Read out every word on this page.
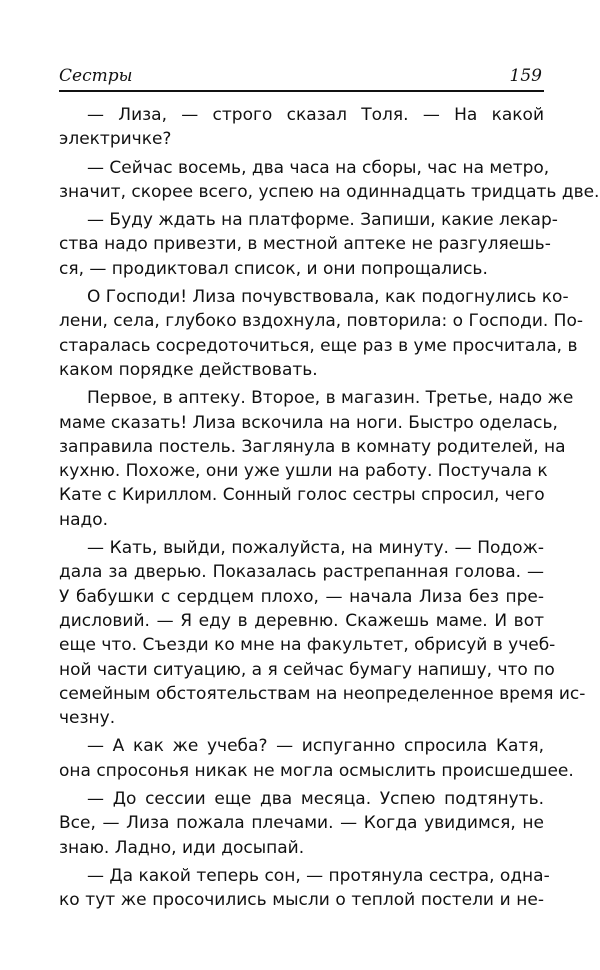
Сестры	159
— Лиза, — строго сказал Толя. — На какой
электричке?
— Сейчас восемь, два часа на сборы, час на метро,
значит, скорее всего, успею на одиннадцать тридцать две.
— Буду ждать на платформе. Запиши, какие лекар-
ства надо привезти, в местной аптеке не разгуляешь-
ся, — продиктовал список, и они попрощались.
О Господи! Лиза почувствовала, как подогнулись ко-
лени, села, глубоко вздохнула, повторила: о Господи. По-
старалась сосредоточиться, еще раз в уме просчитала, в
каком порядке действовать.
Первое, в аптеку. Второе, в магазин. Третье, надо же
маме сказать! Лиза вскочила на ноги. Быстро оделась,
заправила постель. Заглянула в комнату родителей, на
кухню. Похоже, они уже ушли на работу. Постучала к
Кате с Кириллом. Сонный голос сестры спросил, чего
надо.
— Кать, выйди, пожалуйста, на минуту. — Подож-
дала за дверью. Показалась растрепанная голова. —
У бабушки с сердцем плохо, — начала Лиза без пре-
дисловий. — Я еду в деревню. Скажешь маме. И вот
еще что. Съезди ко мне на факультет, обрисуй в учеб-
ной части ситуацию, а я сейчас бумагу напишу, что по
семейным обстоятельствам на неопределенное время ис-
чезну.
— А как же учеба? — испуганно спросила Катя,
она спросонья никак не могла осмыслить происшедшее.
— До сессии еще два месяца. Успею подтянуть.
Все, — Лиза пожала плечами. — Когда увидимся, не
знаю. Ладно, иди досыпай.
— Да какой теперь сон, — протянула сестра, одна-
ко тут же просочились мысли о теплой постели и не-
